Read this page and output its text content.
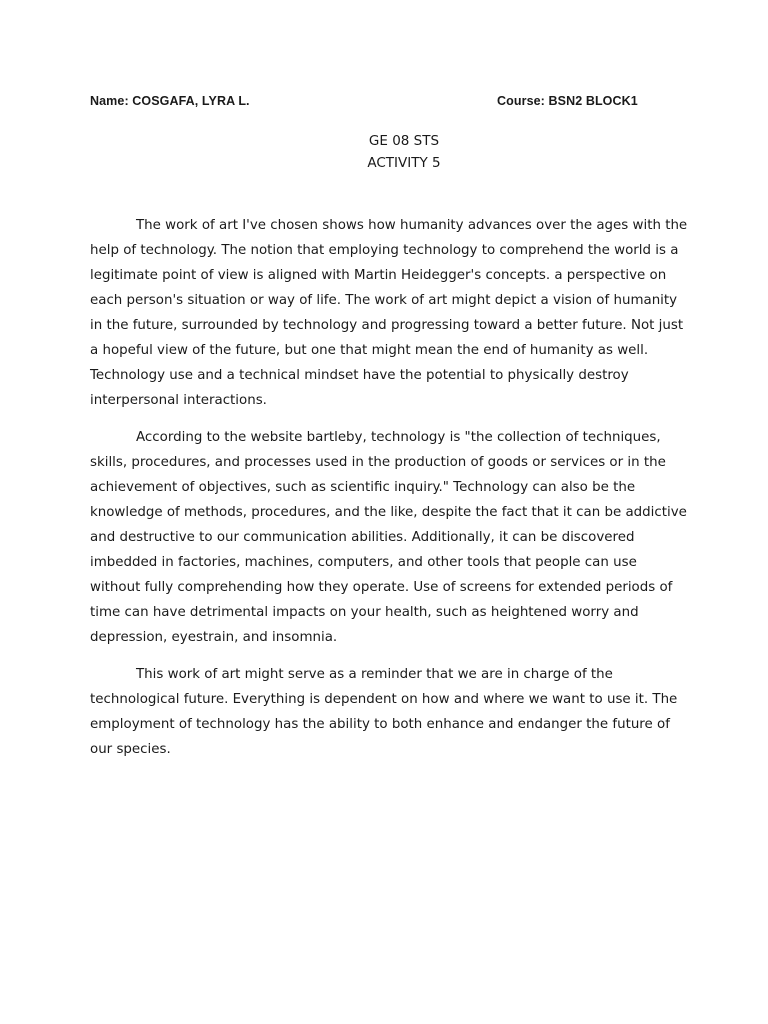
Name: COSGAFA, LYRA L.	Course: BSN2 BLOCK1
GE 08 STS
ACTIVITY 5

The work of art I've chosen shows how humanity advances over the ages with the help of technology. The notion that employing technology to comprehend the world is a legitimate point of view is aligned with Martin Heidegger's concepts. a perspective on each person's situation or way of life. The work of art might depict a vision of humanity in the future, surrounded by technology and progressing toward a better future. Not just a hopeful view of the future, but one that might mean the end of humanity as well. Technology use and a technical mindset have the potential to physically destroy interpersonal interactions.

According to the website bartleby, technology is "the collection of techniques, skills, procedures, and processes used in the production of goods or services or in the achievement of objectives, such as scientific inquiry." Technology can also be the knowledge of methods, procedures, and the like, despite the fact that it can be addictive and destructive to our communication abilities. Additionally, it can be discovered imbedded in factories, machines, computers, and other tools that people can use without fully comprehending how they operate. Use of screens for extended periods of time can have detrimental impacts on your health, such as heightened worry and depression, eyestrain, and insomnia.

This work of art might serve as a reminder that we are in charge of the technological future. Everything is dependent on how and where we want to use it. The employment of technology has the ability to both enhance and endanger the future of our species.
